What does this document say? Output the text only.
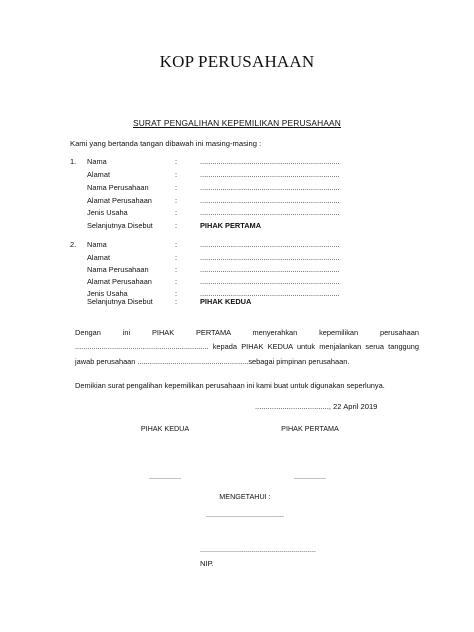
KOP PERUSAHAAN
SURAT PENGALIHAN KEPEMILIKAN PERUSAHAAN
Kami yang bertanda tangan dibawah ini masing-masing :
1. Nama	:	....................................................................
Alamat	:	....................................................................
Nama Perusahaan	:	....................................................................
Alamat Perusahaan	:	....................................................................
Jenis Usaha	:	....................................................................
Selanjutnya Disebut	:	PIHAK PERTAMA
2. Nama	:	....................................................................
Alamat	:	....................................................................
Nama Perusahaan	:	....................................................................
Alamat Perusahaan	:	....................................................................
Jenis Usaha	:	....................................................................
Selanjutnya Disebut	:	PIHAK KEDUA
Dengan ini PIHAK PERTAMA menyerahkan kepemilikan perusahaan ................................................................. kepada PIHAK KEDUA untuk menjalankan serua tanggung jawab perusahaan ......................................................sebagai pimpinan perusahaan.
Demikian surat pengalihan kepemilikan perusahaan ini kami buat untuk digunakan seperlunya.
..................................., 22 April 2019
PIHAK KEDUA	PIHAK PERTAMA
................	................
MENGETAHUI :
.......................................
..........................................................
NIP.
